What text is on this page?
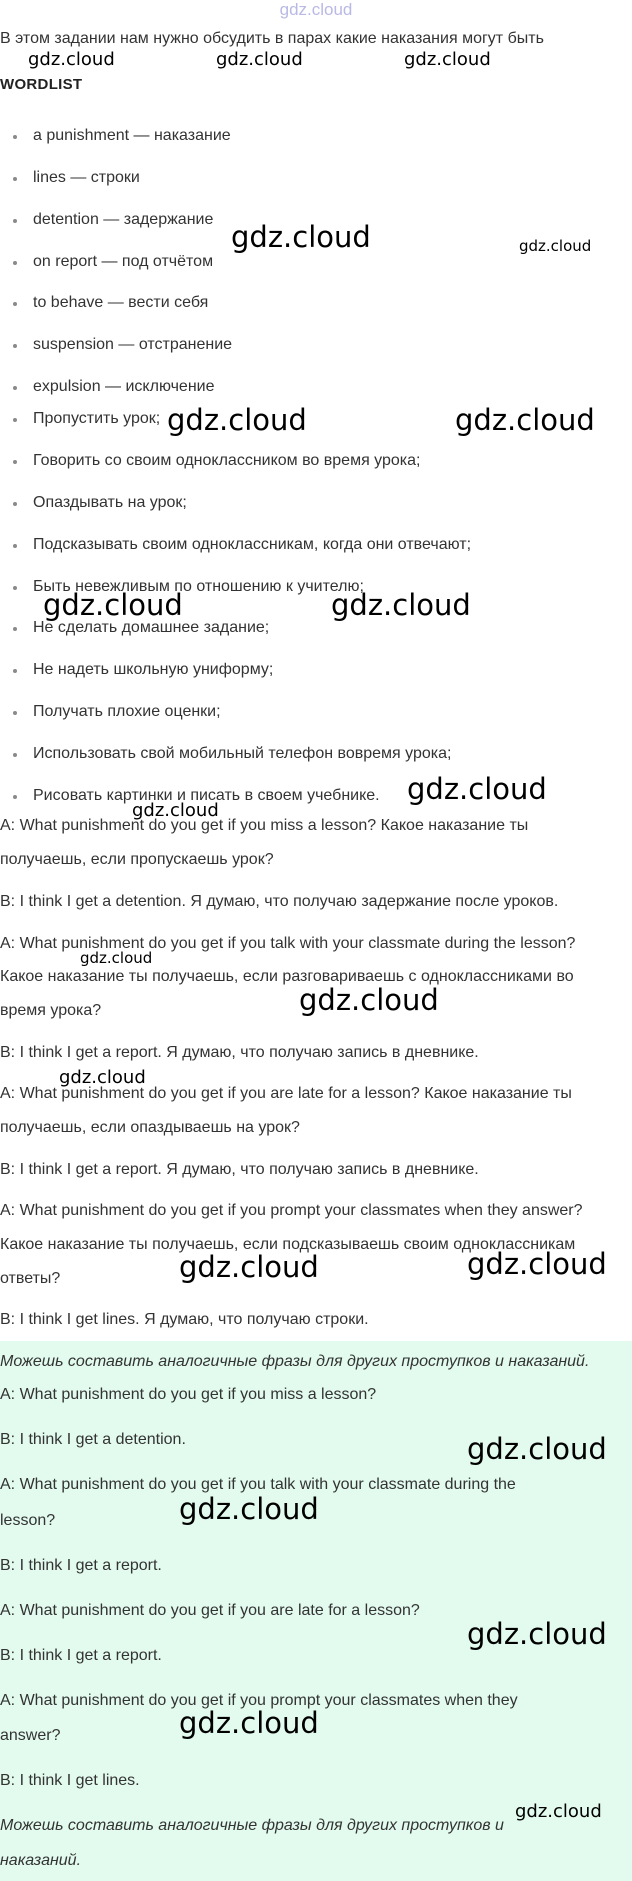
gdz.cloud
В этом задании нам нужно обсудить в парах какие наказания могут быть
WORDLIST
a punishment — наказание
lines — строки
detention — задержание
on report — под отчётом
to behave — вести себя
suspension — отстранение
expulsion — исключение
Пропустить урок;
Говорить со своим одноклассником во время урока;
Опаздывать на урок;
Подсказывать своим одноклассникам, когда они отвечают;
Быть невежливым по отношению к учителю;
Не сделать домашнее задание;
Не надеть школьную униформу;
Получать плохие оценки;
Использовать свой мобильный телефон вовремя урока;
Рисовать картинки и писать в своем учебнике.
A: What punishment do you get if you miss a lesson? Какое наказание ты
получаешь, если пропускаешь урок?
B: I think I get a detention. Я думаю, что получаю задержание после уроков.
A: What punishment do you get if you talk with your classmate during the lesson?
Какое наказание ты получаешь, если разговариваешь с одноклассниками во
время урока?
B: I think I get a report. Я думаю, что получаю запись в дневнике.
A: What punishment do you get if you are late for a lesson? Какое наказание ты
получаешь, если опаздываешь на урок?
B: I think I get a report. Я думаю, что получаю запись в дневнике.
A: What punishment do you get if you prompt your classmates when they answer?
Какое наказание ты получаешь, если подсказываешь своим одноклассникам
ответы?
B: I think I get lines. Я думаю, что получаю строки.
Можешь составить аналогичные фразы для других проступков и наказаний.
A: What punishment do you get if you miss a lesson?
B: I think I get a detention.
A: What punishment do you get if you talk with your classmate during the
lesson?
B: I think I get a report.
A: What punishment do you get if you are late for a lesson?
B: I think I get a report.
A: What punishment do you get if you prompt your classmates when they
answer?
B: I think I get lines.
Можешь составить аналогичные фразы для других проступков и
наказаний.
gdz.cloud	gdz.cloud	gdz.cloud
gdz.cloud	gdz.cloud
gdz.cloud	gdz.cloud
gdz.cloud	gdz.cloud
gdz.cloud
gdz.cloud
gdz.cloud
gdz.cloud
gdz.cloud
gdz.cloud	gdz.cloud
gdz.cloud
gdz.cloud
gdz.cloud
gdz.cloud
gdz.cloud
